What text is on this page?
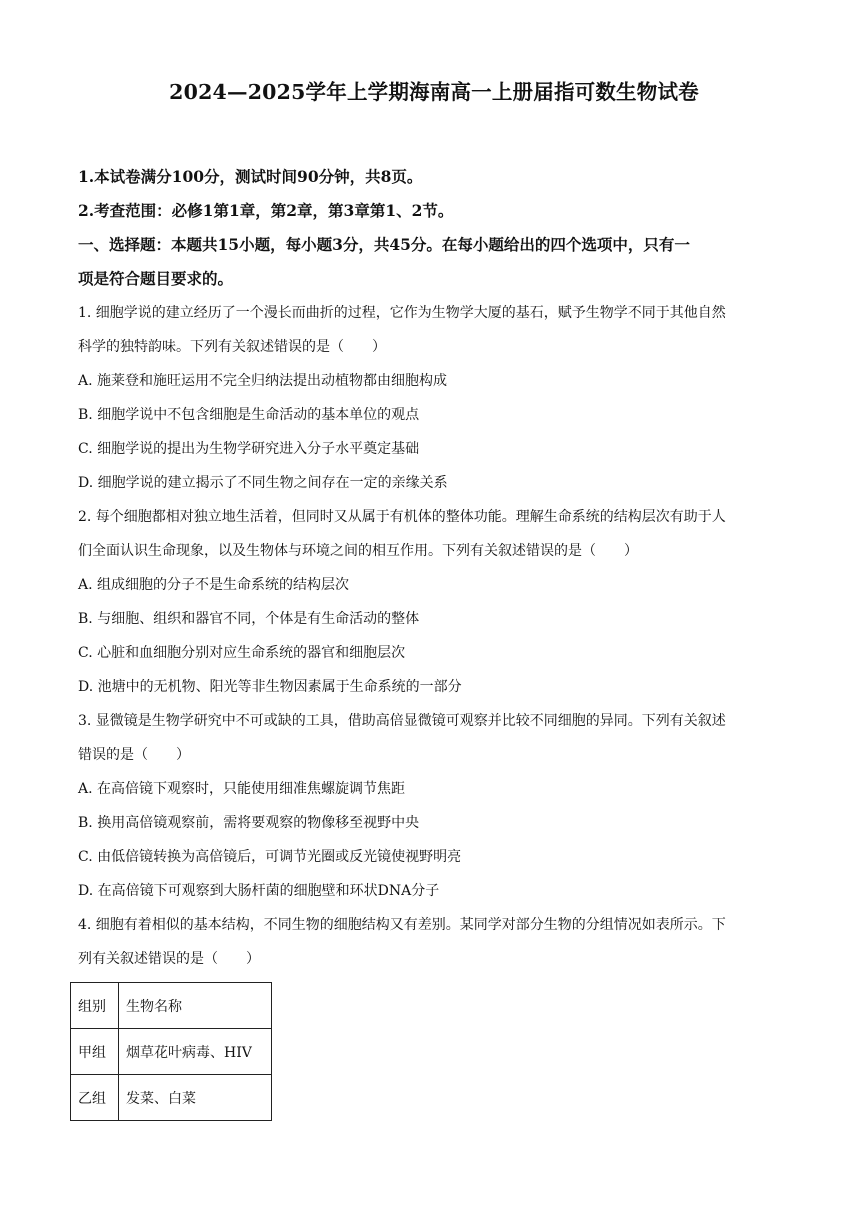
2024—2025学年上学期海南高一上册届指可数生物试卷

1.本试卷满分100分，测试时间90分钟，共8页。

2.考查范围：必修1第1章，第2章，第3章第1、2节。

一、选择题：本题共15小题，每小题3分，共45分。在每小题给出的四个选项中，只有一
项是符合题目要求的。

1. 细胞学说的建立经历了一个漫长而曲折的过程，它作为生物学大厦的基石，赋予生物学不同于其他自然
科学的独特韵味。下列有关叙述错误的是（　　）

A. 施莱登和施旺运用不完全归纳法提出动植物都由细胞构成

B. 细胞学说中不包含细胞是生命活动的基本单位的观点

C. 细胞学说的提出为生物学研究进入分子水平奠定基础

D. 细胞学说的建立揭示了不同生物之间存在一定的亲缘关系

2. 每个细胞都相对独立地生活着，但同时又从属于有机体的整体功能。理解生命系统的结构层次有助于人
们全面认识生命现象，以及生物体与环境之间的相互作用。下列有关叙述错误的是（　　）

A. 组成细胞的分子不是生命系统的结构层次

B. 与细胞、组织和器官不同，个体是有生命活动的整体

C. 心脏和血细胞分别对应生命系统的器官和细胞层次

D. 池塘中的无机物、阳光等非生物因素属于生命系统的一部分

3. 显微镜是生物学研究中不可或缺的工具，借助高倍显微镜可观察并比较不同细胞的异同。下列有关叙述
错误的是（　　）

A. 在高倍镜下观察时，只能使用细准焦螺旋调节焦距

B. 换用高倍镜观察前，需将要观察的物像移至视野中央

C. 由低倍镜转换为高倍镜后，可调节光圈或反光镜使视野明亮

D. 在高倍镜下可观察到大肠杆菌的细胞壁和环状DNA分子

4. 细胞有着相似的基本结构，不同生物的细胞结构又有差别。某同学对部分生物的分组情况如表所示。下
列有关叙述错误的是（　　）

组别	生物名称
甲组	烟草花叶病毒、HIV
乙组	发菜、白菜
